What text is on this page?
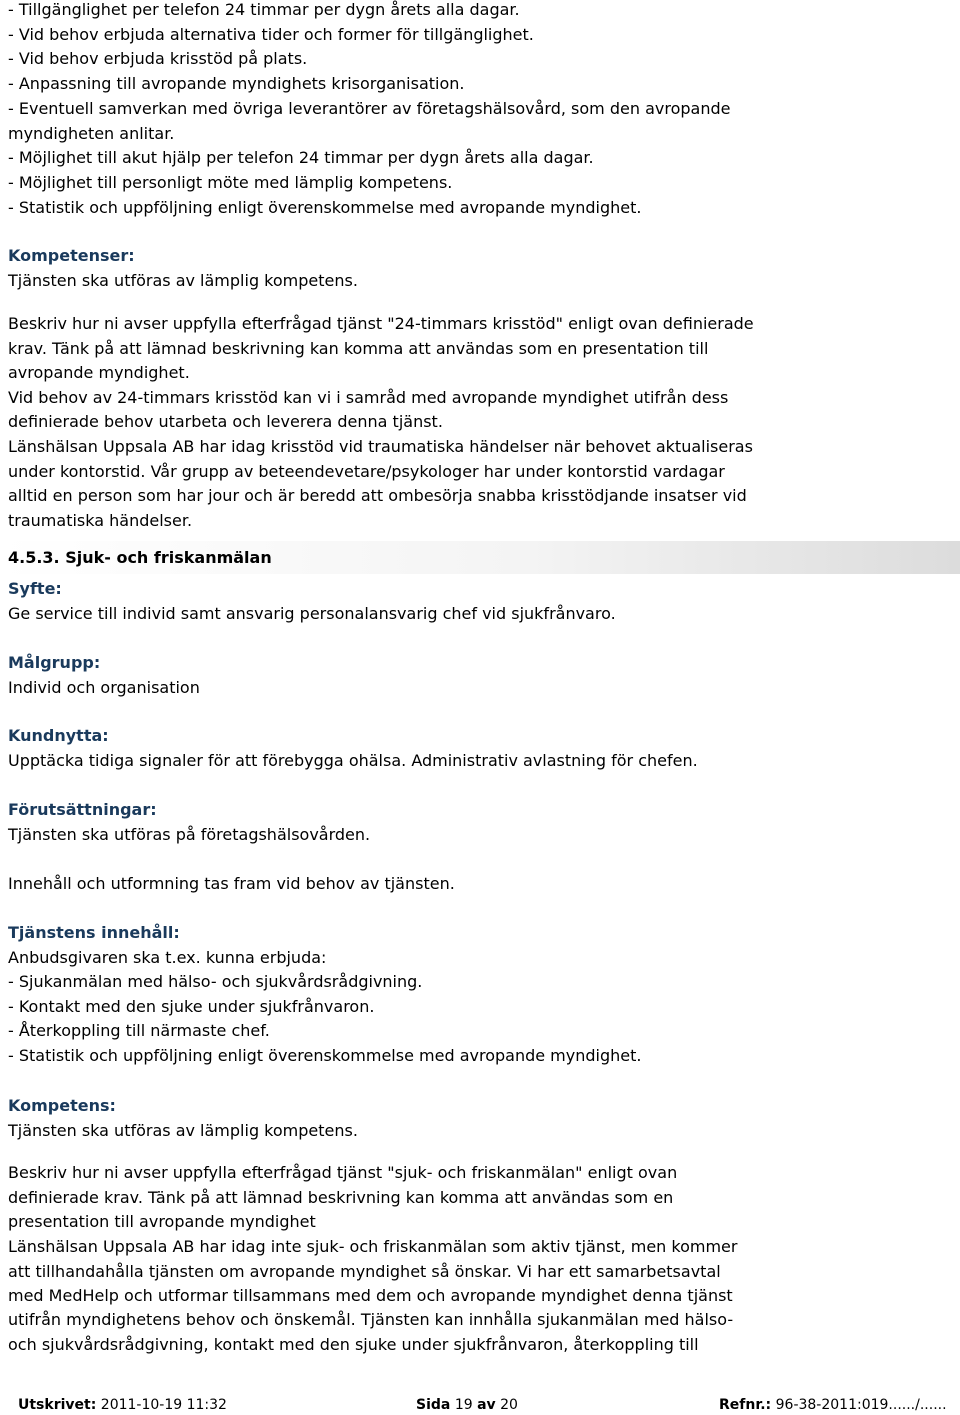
- Tillgänglighet per telefon 24 timmar per dygn årets alla dagar.
- Vid behov erbjuda alternativa tider och former för tillgänglighet.
- Vid behov erbjuda krisstöd på plats.
- Anpassning till avropande myndighets krisorganisation.
- Eventuell samverkan med övriga leverantörer av företagshälsovård, som den avropande
myndigheten anlitar.
- Möjlighet till akut hjälp per telefon 24 timmar per dygn årets alla dagar.
- Möjlighet till personligt möte med lämplig kompetens.
- Statistik och uppföljning enligt överenskommelse med avropande myndighet.
Kompetenser:
Tjänsten ska utföras av lämplig kompetens.
Beskriv hur ni avser uppfylla efterfrågad tjänst "24-timmars krisstöd" enligt ovan definierade
krav. Tänk på att lämnad beskrivning kan komma att användas som en presentation till
avropande myndighet.
Vid behov av 24-timmars krisstöd kan vi i samråd med avropande myndighet utifrån dess
definierade behov utarbeta och leverera denna tjänst.
Länshälsan Uppsala AB har idag krisstöd vid traumatiska händelser när behovet aktualiseras
under kontorstid. Vår grupp av beteendevetare/psykologer har under kontorstid vardagar
alltid en person som har jour och är beredd att ombesörja snabba krisstödjande insatser vid
traumatiska händelser.
4.5.3. Sjuk- och friskanmälan
Syfte:
Ge service till individ samt ansvarig personalansvarig chef vid sjukfrånvaro.
Målgrupp:
Individ och organisation
Kundnytta:
Upptäcka tidiga signaler för att förebygga ohälsa. Administrativ avlastning för chefen.
Förutsättningar:
Tjänsten ska utföras på företagshälsovården.
Innehåll och utformning tas fram vid behov av tjänsten.
Tjänstens innehåll:
Anbudsgivaren ska t.ex. kunna erbjuda:
- Sjukanmälan med hälso- och sjukvårdsrådgivning.
- Kontakt med den sjuke under sjukfrånvaron.
- Återkoppling till närmaste chef.
- Statistik och uppföljning enligt överenskommelse med avropande myndighet.
Kompetens:
Tjänsten ska utföras av lämplig kompetens.
Beskriv hur ni avser uppfylla efterfrågad tjänst "sjuk- och friskanmälan" enligt ovan
definierade krav. Tänk på att lämnad beskrivning kan komma att användas som en
presentation till avropande myndighet
Länshälsan Uppsala AB har idag inte sjuk- och friskanmälan som aktiv tjänst, men kommer
att tillhandahålla tjänsten om avropande myndighet så önskar. Vi har ett samarbetsavtal
med MedHelp och utformar tillsammans med dem och avropande myndighet denna tjänst
utifrån myndighetens behov och önskemål. Tjänsten kan innhålla sjukanmälan med hälso-
och sjukvårdsrådgivning, kontakt med den sjuke under sjukfrånvaron, återkoppling till
Utskrivet: 2011-10-19 11:32	Sida 19 av 20	Refnr.: 96-38-2011:019....../......
